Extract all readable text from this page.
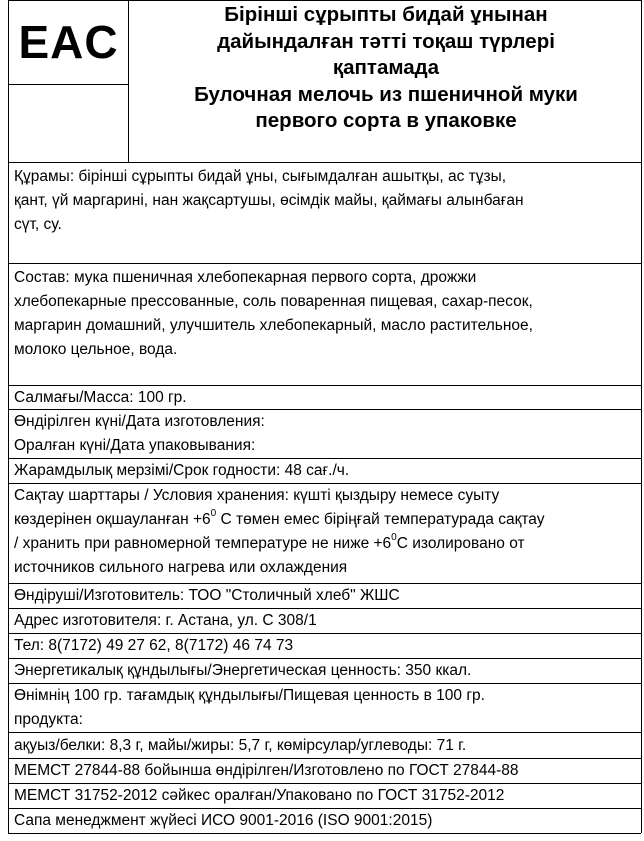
EAC
Бірінші сұрыпты бидай ұнынан
дайындалған тәтті тоқаш түрлері
қаптамада
Булочная мелочь из пшеничной муки
первого сорта в упаковке
Құрамы: бірінші сұрыпты бидай ұны, сығымдалған ашытқы, ас тұзы,
қант, үй маргарині, нан жақсартушы, өсімдік майы, қаймағы алынбаған
сүт, су.
Состав: мука пшеничная хлебопекарная первого сорта, дрожжи
хлебопекарные прессованные, соль поваренная пищевая, сахар-песок,
маргарин домашний, улучшитель хлебопекарный, масло растительное,
молоко цельное, вода.
Салмағы/Масса: 100 гр.
Өндірілген күні/Дата изготовления:
Оралған күні/Дата упаковывания:
Жарамдылық мерзімі/Срок годности: 48 сағ./ч.
Сақтау шарттары / Условия хранения: күшті қыздыру немесе суыту
көздерінен оқшауланған $+6^0$ С төмен емес біріңғай температурада сақтау
/ хранить при равномерной температуре не ниже $+6^0С$ изолировано от
источников сильного нагрева или охлаждения
Өндіруші/Изготовитель: ТОО "Столичный хлеб" ЖШС
Адрес изготовителя: г. Астана, ул. С 308/1
Тел: 8(7172) 49 27 62, 8(7172) 46 74 73
Энергетикалық құндылығы/Энергетическая ценность: 350 ккал.
Өнімнің 100 гр. тағамдық құндылығы/Пищевая ценность в 100 гр.
продукта:
ақуыз/белки: 8,3 г, майы/жиры: 5,7 г, көмірсулар/углеводы: 71 г.
МЕМСТ 27844-88 бойынша өндірілген/Изготовлено по ГОСТ 27844-88
МЕМСТ 31752-2012 сәйкес оралған/Упаковано по ГОСТ 31752-2012
Сапа менеджмент жүйесі ИСО 9001-2016 (ISO 9001:2015)
